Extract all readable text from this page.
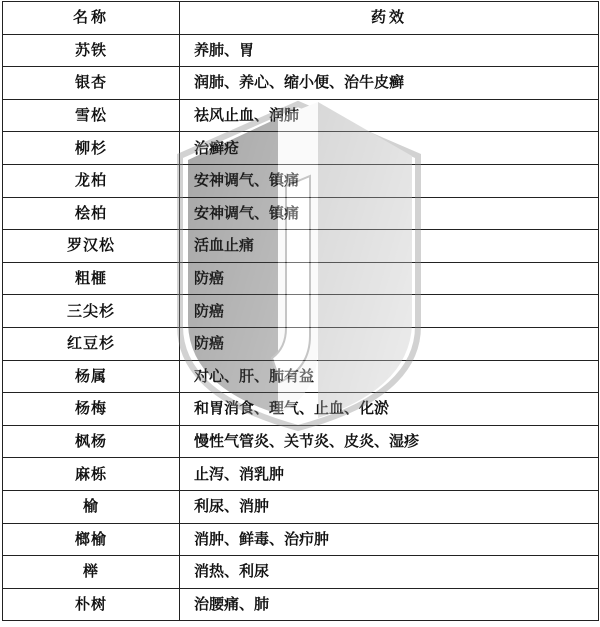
名称	药效
苏铁	养肺、胃
银杏	润肺、养心、缩小便、治牛皮癣
雪松	祛风止血、润肺
柳杉	治癣疮
龙柏	安神调气、镇痛
桧柏	安神调气、镇痛
罗汉松	活血止痛
粗榧	防癌
三尖杉	防癌
红豆杉	防癌
杨属	对心、肝、肺有益
杨梅	和胃消食、理气、止血、化淤
枫杨	慢性气管炎、关节炎、皮炎、湿疹
麻栎	止泻、消乳肿
榆	利尿、消肿
榔榆	消肿、鲜毒、治疖肿
榉	消热、利尿
朴树	治腰痛、肺
